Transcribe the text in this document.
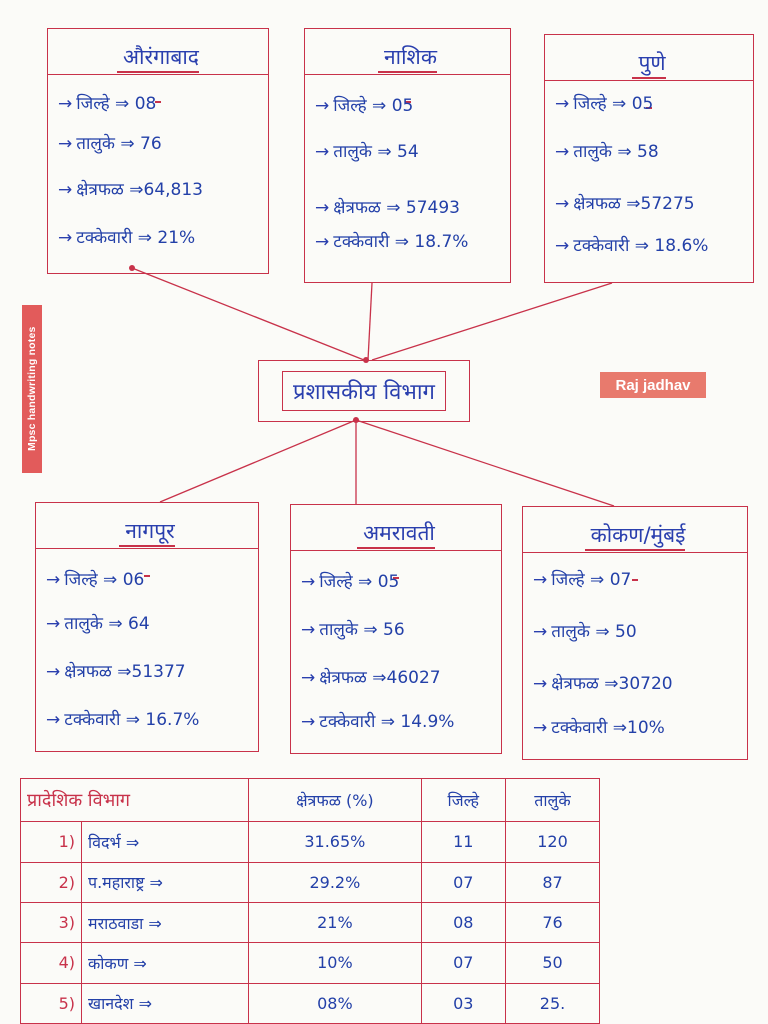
औरंगाबाद
→ जिल्हे ⇒ 08
→ तालुके ⇒ 76
→ क्षेत्रफळ ⇒64,813
→ टक्केवारी ⇒ 21%
नाशिक
→ जिल्हे ⇒ 05
→ तालुके ⇒ 54
→ क्षेत्रफळ ⇒ 57493
→ टक्केवारी ⇒ 18.7%
पुणे
→ जिल्हे ⇒ 05
→ तालुके ⇒ 58
→ क्षेत्रफळ ⇒57275
→ टक्केवारी ⇒ 18.6%
Mpsc handwriting notes	Raj jadhav
प्रशासकीय विभाग
नागपूर
→ जिल्हे ⇒ 06
→ तालुके ⇒ 64
→ क्षेत्रफळ ⇒51377
→ टक्केवारी ⇒ 16.7%
अमरावती
→ जिल्हे ⇒ 05
→ तालुके ⇒ 56
→ क्षेत्रफळ ⇒46027
→ टक्केवारी ⇒ 14.9%
कोकण/मुंबई
→ जिल्हे ⇒ 07
→ तालुके ⇒ 50
→ क्षेत्रफळ ⇒30720
→ टक्केवारी ⇒10%
प्रादेशिक विभाग		क्षेत्रफळ (%)	जिल्हे	तालुके
1)	विदर्भ ⇒	31.65%	11	120
2)	प.महाराष्ट्र ⇒	29.2%	07	87
3)	मराठवाडा ⇒	21%	08	76
4)	कोकण ⇒	10%	07	50
5)	खानदेश ⇒	08%	03	25.
